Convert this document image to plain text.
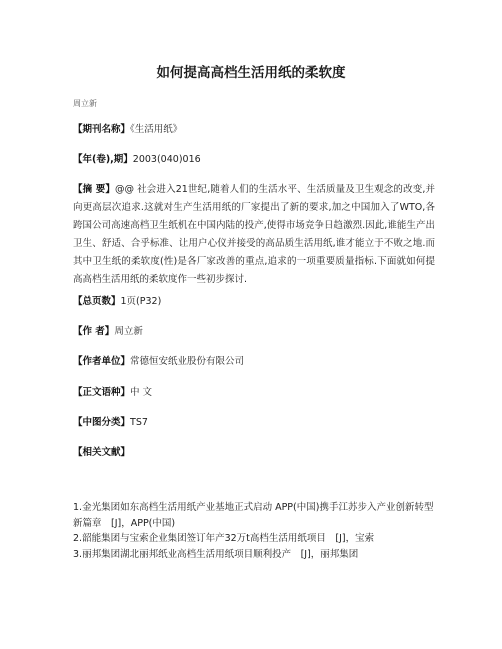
如何提高高档生活用纸的柔软度
周立新
【期刊名称】《生活用纸》
【年(卷),期】2003(040)016
【摘 要】@@ 社会进入21世纪,随着人们的生活水平、生活质量及卫生观念的改变,并向更高层次追求.这就对生产生活用纸的厂家提出了新的要求,加之中国加入了WTO,各跨国公司高速高档卫生纸机在中国内陆的投产,使得市场竞争日趋激烈.因此,谁能生产出卫生、舒适、合乎标准、让用户心仪并接受的高品质生活用纸,谁才能立于不败之地.而其中卫生纸的柔软度(性)是各厂家改善的重点,追求的一项重要质量指标.下面就如何提高高档生活用纸的柔软度作一些初步探讨.
【总页数】1页(P32)
【作 者】周立新
【作者单位】常德恒安纸业股份有限公司
【正文语种】中 文
【中图分类】TS7
【相关文献】

1.金光集团如东高档生活用纸产业基地正式启动 APP(中国)携手江苏步入产业创新转型新篇章　[J]，APP(中国)

2.韶能集团与宝索企业集团签订年产32万t高档生活用纸项目　[J]，宝索

3.丽邦集团湖北丽邦纸业高档生活用纸项目顺利投产　[J]，丽邦集团
